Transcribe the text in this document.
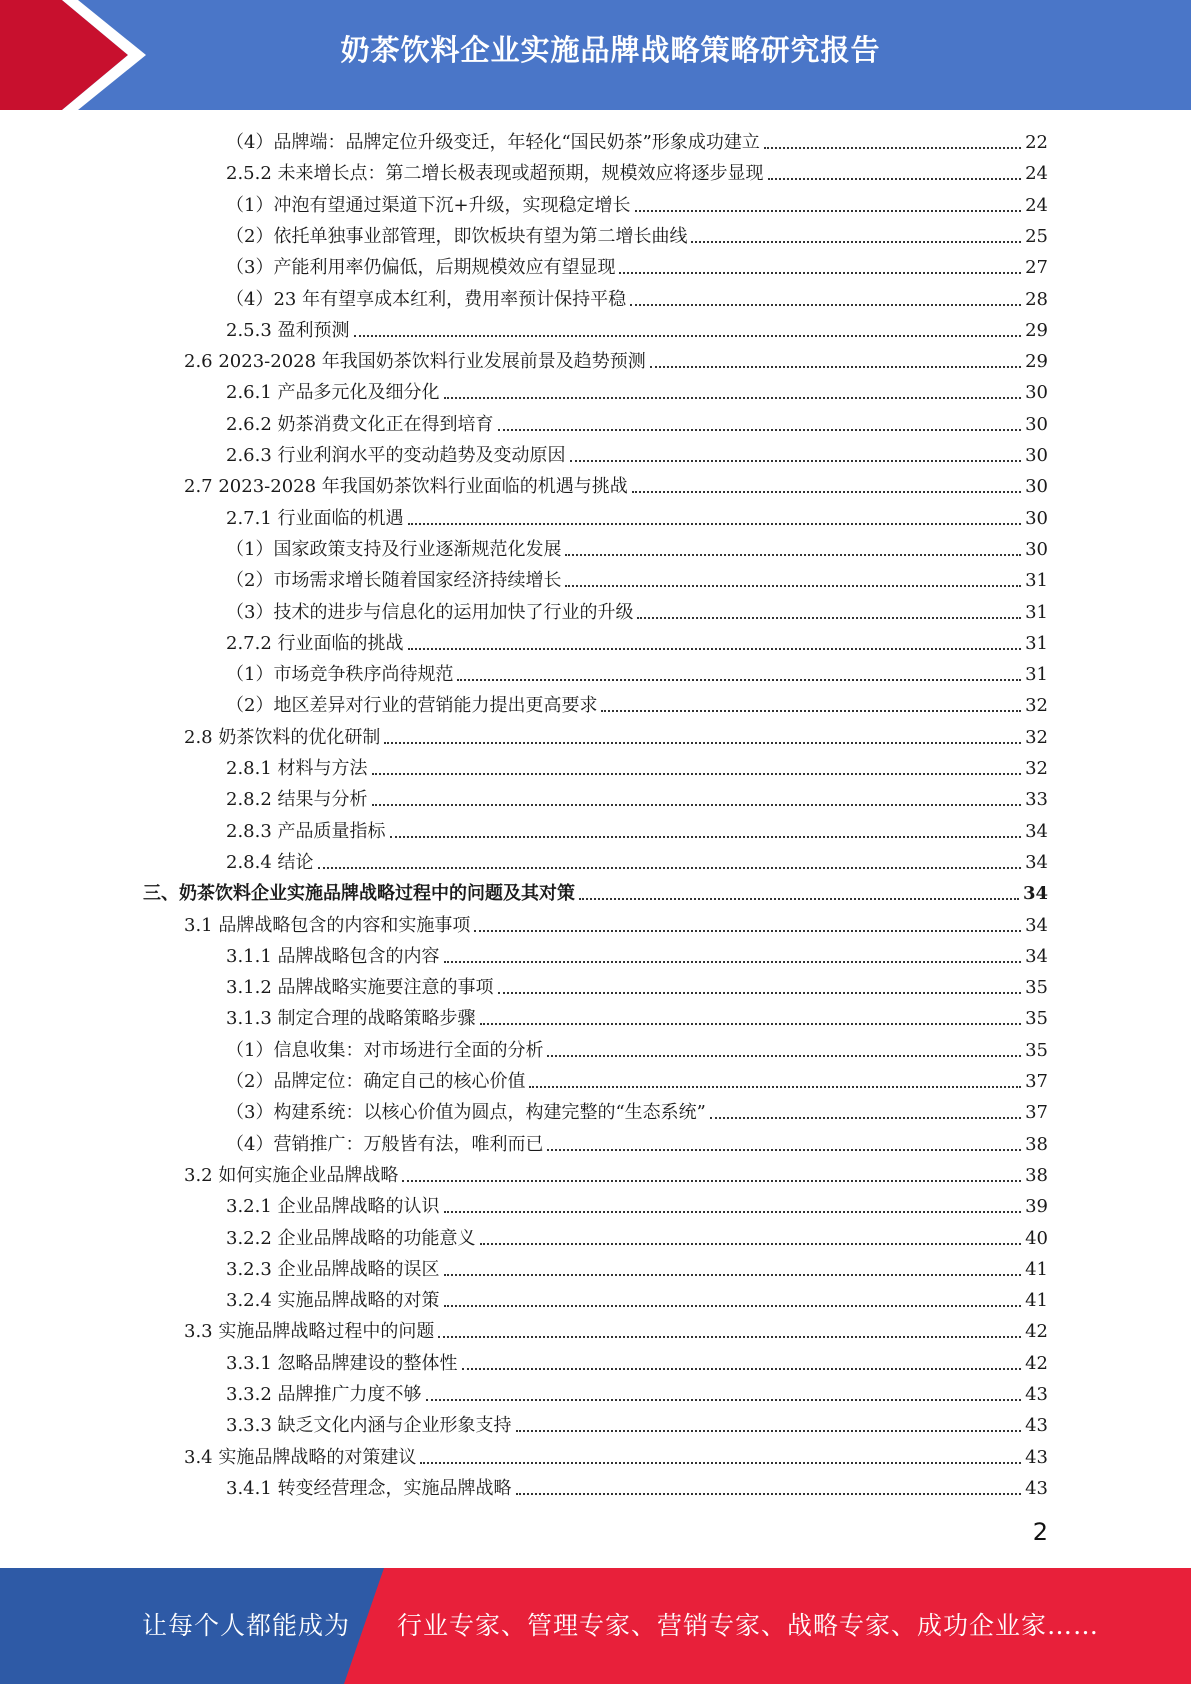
奶茶饮料企业实施品牌战略策略研究报告
（4）品牌端：品牌定位升级变迁，年轻化“国民奶茶”形象成功建立	22
2.5.2 未来增长点：第二增长极表现或超预期，规模效应将逐步显现	24
（1）冲泡有望通过渠道下沉+升级，实现稳定增长	24
（2）依托单独事业部管理，即饮板块有望为第二增长曲线	25
（3）产能利用率仍偏低，后期规模效应有望显现	27
（4）23 年有望享成本红利，费用率预计保持平稳	28
2.5.3 盈利预测	29
2.6 2023-2028 年我国奶茶饮料行业发展前景及趋势预测	29
2.6.1 产品多元化及细分化	30
2.6.2 奶茶消费文化正在得到培育	30
2.6.3 行业利润水平的变动趋势及变动原因	30
2.7 2023-2028 年我国奶茶饮料行业面临的机遇与挑战	30
2.7.1 行业面临的机遇	30
（1）国家政策支持及行业逐渐规范化发展	30
（2）市场需求增长随着国家经济持续增长	31
（3）技术的进步与信息化的运用加快了行业的升级	31
2.7.2 行业面临的挑战	31
（1）市场竞争秩序尚待规范	31
（2）地区差异对行业的营销能力提出更高要求	32
2.8 奶茶饮料的优化研制	32
2.8.1 材料与方法	32
2.8.2 结果与分析	33
2.8.3 产品质量指标	34
2.8.4 结论	34
三、奶茶饮料企业实施品牌战略过程中的问题及其对策	34
3.1 品牌战略包含的内容和实施事项	34
3.1.1 品牌战略包含的内容	34
3.1.2 品牌战略实施要注意的事项	35
3.1.3 制定合理的战略策略步骤	35
（1）信息收集：对市场进行全面的分析	35
（2）品牌定位：确定自己的核心价值	37
（3）构建系统：以核心价值为圆点，构建完整的“生态系统”	37
（4）营销推广：万般皆有法，唯利而已	38
3.2 如何实施企业品牌战略	38
3.2.1 企业品牌战略的认识	39
3.2.2 企业品牌战略的功能意义	40
3.2.3 企业品牌战略的误区	41
3.2.4 实施品牌战略的对策	41
3.3 实施品牌战略过程中的问题	42
3.3.1 忽略品牌建设的整体性	42
3.3.2 品牌推广力度不够	43
3.3.3 缺乏文化内涵与企业形象支持	43
3.4 实施品牌战略的对策建议	43
3.4.1 转变经营理念，实施品牌战略	43
2
让每个人都能成为 行业专家、管理专家、营销专家、战略专家、成功企业家……
